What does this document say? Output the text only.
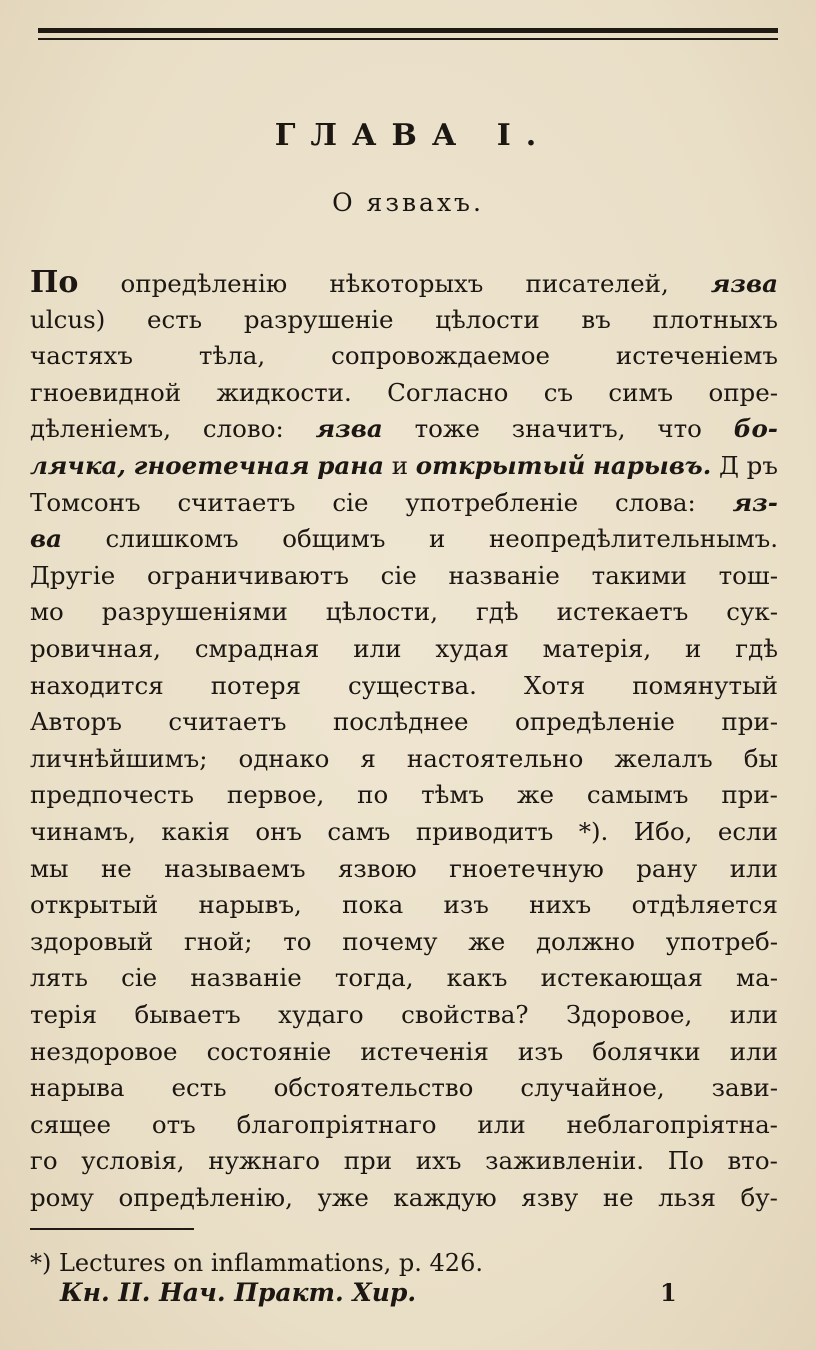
ГЛАВА I.
О язвахъ.
По опредѣленію нѣкоторыхъ писателей, язва
ulcus) есть разрушеніе цѣлости въ плотныхъ
частяхъ	тѣла,	сопровождаемое	истеченіемъ
гноевидной жидкости. Согласно съ симъ опре-
дѣленіемъ, слово: язва тоже значитъ, что бо-
лячка, гноетечная рана и открытый нарывъ. Д ръ
Томсонъ считаетъ сіе употребленіе слова: яз-
ва слишкомъ общимъ и неопредѣлительнымъ.
Другіе ограничиваютъ сіе названіе такими тош-
мо разрушеніями цѣлости, гдѣ истекаетъ сук-
ровичная, смрадная или худая матерія, и гдѣ
находится потеря существа. Хотя помянутый
Авторъ считаетъ послѣднее опредѣленіе при-
личнѣйшимъ; однако я настоятельно желалъ бы
предпочесть первое, по тѣмъ же самымъ при-
чинамъ, какія онъ самъ приводитъ *). Ибо, если
мы не называемъ язвою гноетечную рану или
открытый нарывъ, пока изъ нихъ отдѣляется
здоровый гной; то почему же должно употреб-
лять сіе названіе тогда, какъ истекающая ма-
терія бываетъ худаго свойства? Здоровое, или
нездоровое состояніе истеченія изъ болячки или
нарыва есть обстоятельство случайное, зави-
сящее отъ благопріятнаго или неблагопріятна-
го условія, нужнаго при ихъ заживленіи. По вто-
рому опредѣленію, уже каждую язву не льзя бу-
*) Lectures on inflammations, p. 426.
Кн. II. Нач. Практ. Хир.	1
